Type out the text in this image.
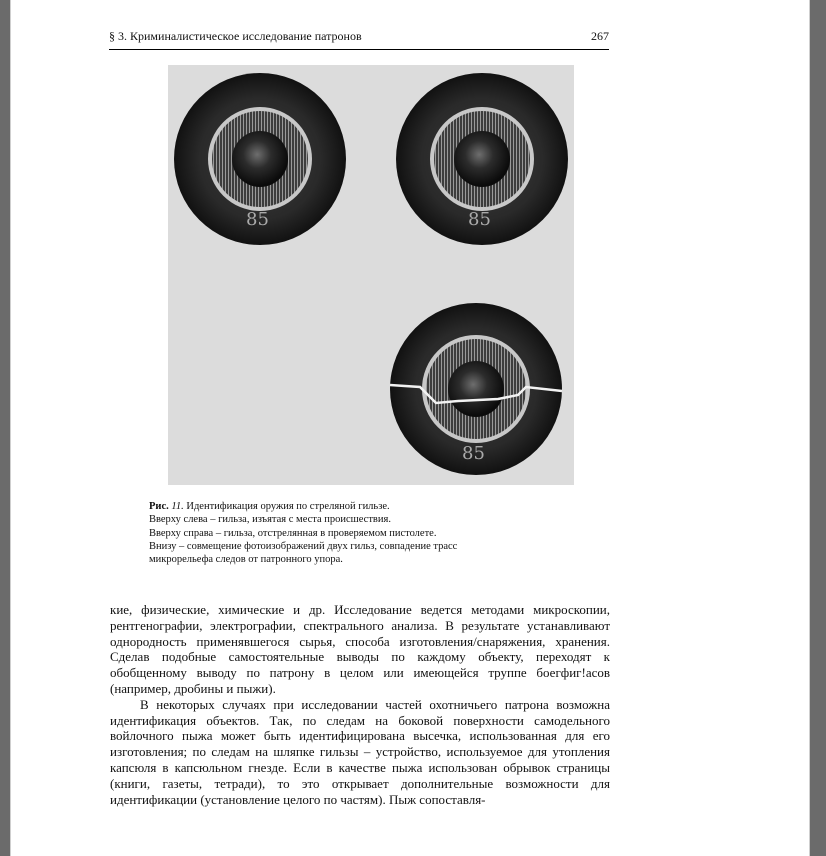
§ 3. Криминалистическое исследование патронов	267
85	85
85
Рис. 11. Идентификация оружия по стреляной гильзе.
Вверху слева – гильза, изъятая с места происшествия.
Вверху справа – гильза, отстрелянная в проверяемом пистолете.
Внизу – совмещение фотоизображений двух гильз, совпадение трасс
микрорельефа следов от патронного упора.

кие, физические, химические и др. Исследование ведется методами микроскопии, рентгенографии, электрографии, спектрального анализа. В результате устанавливают однородность применявшегося сырья, способа изготовления/снаряжения, хранения. Сделав подобные самостоятельные выводы по каждому объекту, переходят к обобщенному выводу по патрону в целом или имеющейся труппе боегфиг!асов (например, дробины и пыжи).

В некоторых случаях при исследовании частей охотничьего патрона возможна идентификация объектов. Так, по следам на боковой поверхности самодельного войлочного пыжа может быть идентифицирована высечка, использованная для его изготовления; по следам на шляпке гильзы – устройство, используемое для утопления капсюля в капсюльном гнезде. Если в качестве пыжа использован обрывок страницы (книги, газеты, тетради), то это открывает дополнительные возможности для идентификации (установление целого по частям). Пыж сопоставля-
